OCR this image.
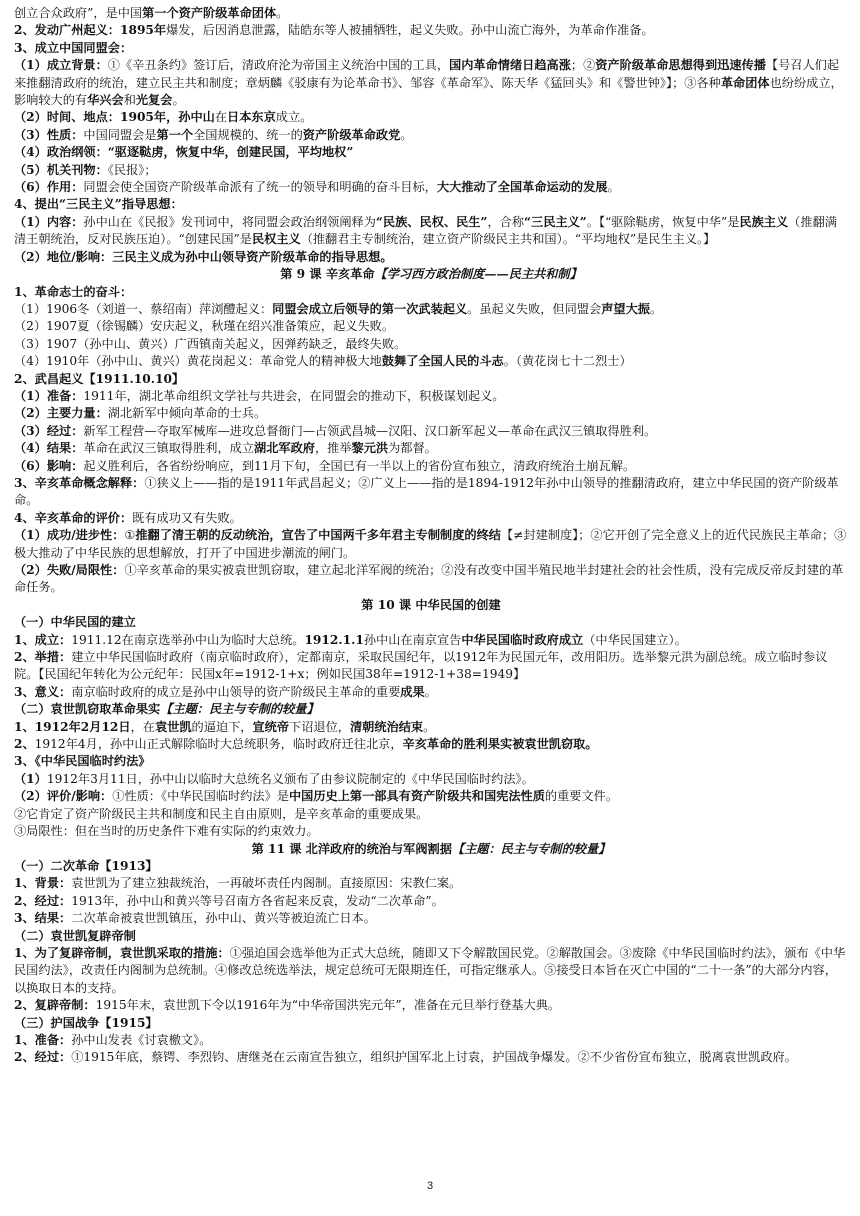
创立合众政府”，是中国第一个资产阶级革命团体。

2、发动广州起义：1895年爆发，后因消息泄露，陆皓东等人被捕牺牲，起义失败。孙中山流亡海外，为革命作准备。

3、成立中国同盟会：

（1）成立背景：①《辛丑条约》签订后，清政府沦为帝国主义统治中国的工具，国内革命情绪日趋高涨；②资产阶级革命思想得到迅速传播【号召人们起来推翻清政府的统治，建立民主共和制度；章炳麟《驳康有为论革命书》、邹容《革命军》、陈天华《猛回头》和《警世钟》】；③各种革命团体也纷纷成立，影响较大的有华兴会和光复会。

（2）时间、地点：1905年，孙中山在日本东京成立。

（3）性质：中国同盟会是第一个全国规模的、统一的资产阶级革命政党。

（4）政治纲领：“驱逐鞑虏，恢复中华，创建民国，平均地权”

（5）机关刊物：《民报》；

（6）作用：同盟会使全国资产阶级革命派有了统一的领导和明确的奋斗目标，大大推动了全国革命运动的发展。

4、提出“三民主义”指导思想：

（1）内容：孙中山在《民报》发刊词中，将同盟会政治纲领阐释为“民族、民权、民生”，合称“三民主义”。【“驱除鞑虏，恢复中华”是民族主义（推翻满清王朝统治，反对民族压迫）。“创建民国”是民权主义（推翻君主专制统治，建立资产阶级民主共和国）。“平均地权”是民生主义。】

（2）地位/影响：三民主义成为孙中山领导资产阶级革命的指导思想。

第 9 课 辛亥革命【学习西方政治制度——民主共和制】

1、革命志士的奋斗：

（1）1906冬（刘道一、蔡绍南）萍浏醴起义：同盟会成立后领导的第一次武装起义。虽起义失败，但同盟会声望大振。

（2）1907夏（徐锡麟）安庆起义，秋瑾在绍兴准备策应，起义失败。

（3）1907（孙中山、黄兴）广西镇南关起义，因弹药缺乏，最终失败。

（4）1910年（孙中山、黄兴）黄花岗起义：革命党人的精神极大地鼓舞了全国人民的斗志。（黄花岗七十二烈士）

2、武昌起义【1911.10.10】

（1）准备：1911年，湖北革命组织文学社与共进会，在同盟会的推动下，积极谋划起义。

（2）主要力量：湖北新军中倾向革命的士兵。

（3）经过：新军工程营—夺取军械库—进攻总督衙门—占领武昌城—汉阳、汉口新军起义—革命在武汉三镇取得胜利。

（4）结果：革命在武汉三镇取得胜利，成立湖北军政府，推举黎元洪为都督。

（6）影响：起义胜利后，各省纷纷响应，到11月下旬，全国已有一半以上的省份宣布独立，清政府统治土崩瓦解。

3、辛亥革命概念解释：①狭义上——指的是1911年武昌起义；②广义上——指的是1894-1912年孙中山领导的推翻清政府，建立中华民国的资产阶级革命。

4、辛亥革命的评价：既有成功又有失败。

（1）成功/进步性：①推翻了清王朝的反动统治，宣告了中国两千多年君主专制制度的终结【≠封建制度】；②它开创了完全意义上的近代民族民主革命；③极大推动了中华民族的思想解放，打开了中国进步潮流的闸门。

（2）失败/局限性：①辛亥革命的果实被袁世凯窃取，建立起北洋军阀的统治；②没有改变中国半殖民地半封建社会的社会性质，没有完成反帝反封建的革命任务。

第 10 课 中华民国的创建

（一）中华民国的建立

1、成立：1911.12在南京选举孙中山为临时大总统。1912.1.1孙中山在南京宣告中华民国临时政府成立（中华民国建立）。

2、举措：建立中华民国临时政府（南京临时政府），定都南京，采取民国纪年，以1912年为民国元年，改用阳历。选举黎元洪为副总统。成立临时参议院。【民国纪年转化为公元纪年：民国x年=1912-1+x；例如民国38年=1912-1+38=1949】

3、意义：南京临时政府的成立是孙中山领导的资产阶级民主革命的重要成果。

（二）袁世凯窃取革命果实【主题：民主与专制的较量】

1、1912年2月12日，在袁世凯的逼迫下，宣统帝下诏退位，清朝统治结束。

2、1912年4月，孙中山正式解除临时大总统职务，临时政府迁往北京，辛亥革命的胜利果实被袁世凯窃取。

3、《中华民国临时约法》

（1）1912年3月11日，孙中山以临时大总统名义颁布了由参议院制定的《中华民国临时约法》。

（2）评价/影响：①性质：《中华民国临时约法》是中国历史上第一部具有资产阶级共和国宪法性质的重要文件。

②它肯定了资产阶级民主共和制度和民主自由原则，是辛亥革命的重要成果。

③局限性：但在当时的历史条件下难有实际的约束效力。

第 11 课 北洋政府的统治与军阀割据【主题：民主与专制的较量】

（一）二次革命【1913】

1、背景：袁世凯为了建立独裁统治，一再破坏责任内阁制。直接原因：宋教仁案。

2、经过：1913年，孙中山和黄兴等号召南方各省起来反袁，发动“二次革命”。

3、结果：二次革命被袁世凯镇压，孙中山、黄兴等被迫流亡日本。

（二）袁世凯复辟帝制

1、为了复辟帝制，袁世凯采取的措施：①强迫国会选举他为正式大总统，随即又下令解散国民党。②解散国会。③废除《中华民国临时约法》，颁布《中华民国约法》，改责任内阁制为总统制。④修改总统选举法，规定总统可无限期连任，可指定继承人。⑤接受日本旨在灭亡中国的“二十一条”的大部分内容，以换取日本的支持。

2、复辟帝制：1915年末，袁世凯下令以1916年为“中华帝国洪宪元年”，准备在元旦举行登基大典。

（三）护国战争【1915】

1、准备：孙中山发表《讨袁檄文》。

2、经过：①1915年底，蔡锷、李烈钧、唐继尧在云南宣告独立，组织护国军北上讨袁，护国战争爆发。②不少省份宣布独立，脱离袁世凯政府。

3
